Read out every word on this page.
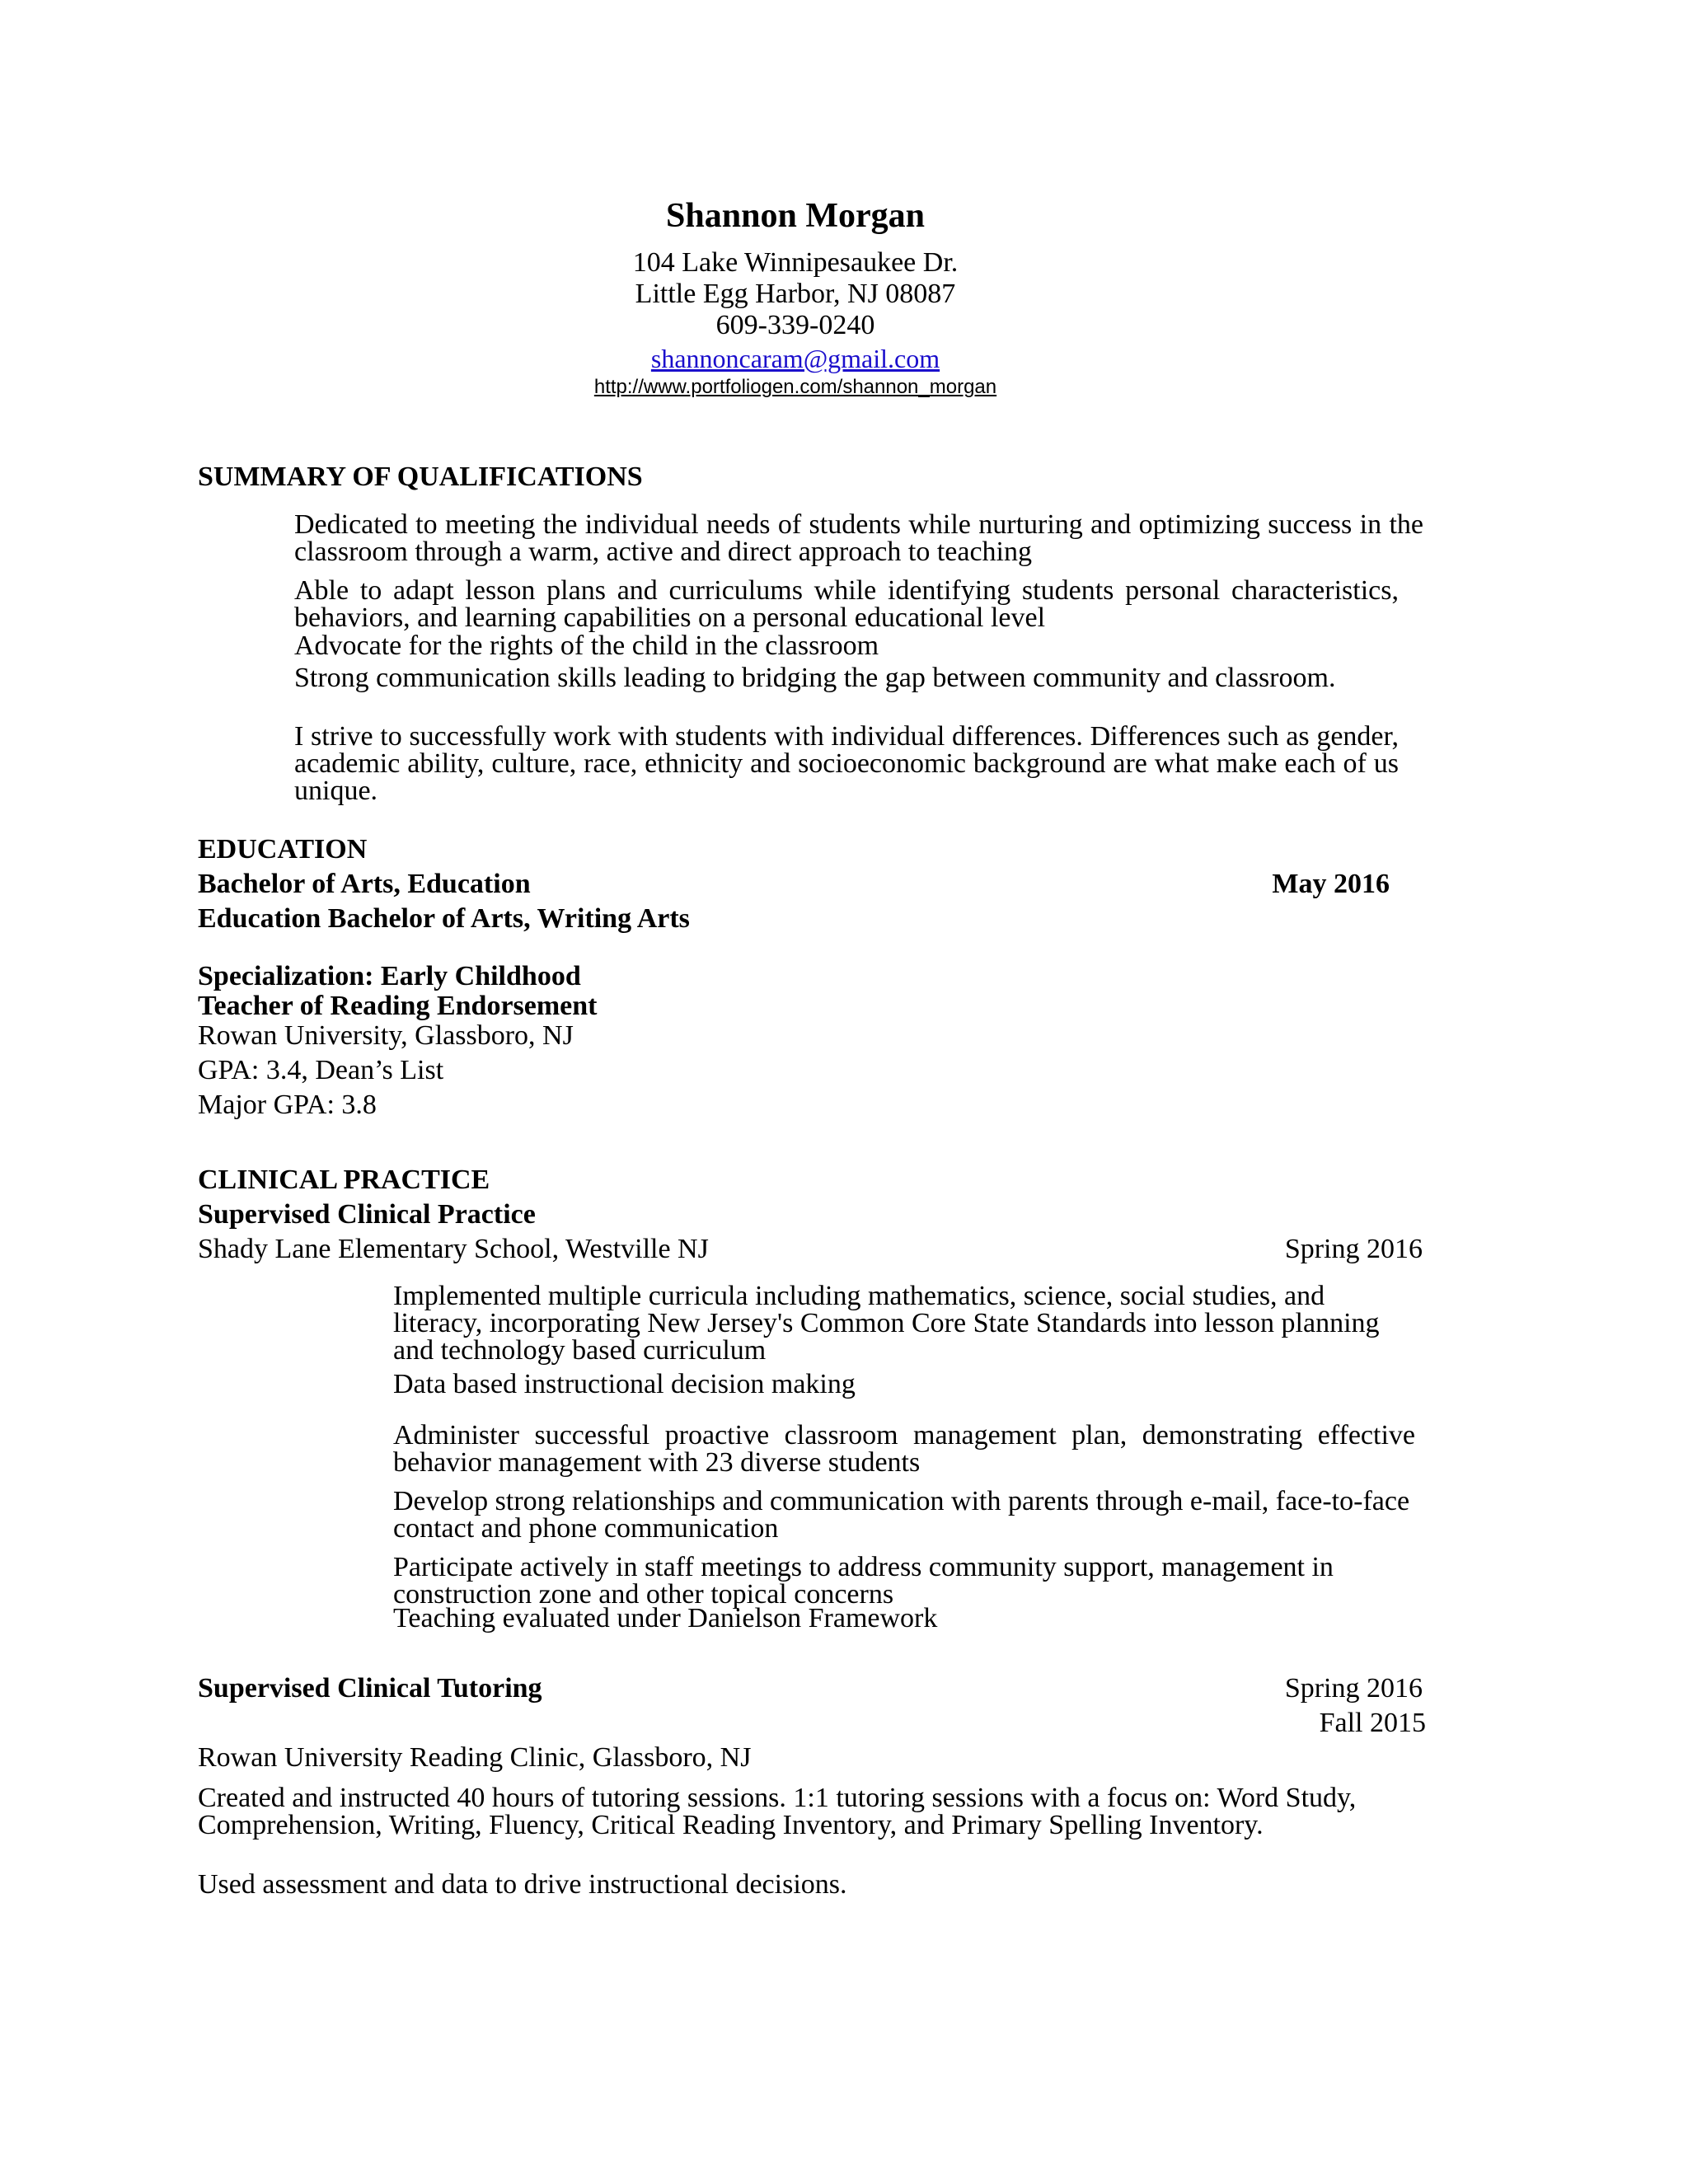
Shannon Morgan
104 Lake Winnipesaukee Dr.
Little Egg Harbor, NJ 08087
609-339-0240
shannoncaram@gmail.com
http://www.portfoliogen.com/shannon_morgan
SUMMARY OF QUALIFICATIONS
Dedicated to meeting the individual needs of students while nurturing and optimizing success in the classroom through a warm, active and direct approach to teaching
Able to adapt lesson plans and curriculums while identifying students personal characteristics, behaviors, and learning capabilities on a personal educational level
Advocate for the rights of the child in the classroom
Strong communication skills leading to bridging the gap between community and classroom.
I strive to successfully work with students with individual differences. Differences such as gender, academic ability, culture, race, ethnicity and socioeconomic background are what make each of us unique.
EDUCATION
Bachelor of Arts, Education	May 2016
Education Bachelor of Arts, Writing Arts
Specialization: Early Childhood
Teacher of Reading Endorsement
Rowan University, Glassboro, NJ
GPA: 3.4, Dean’s List
Major GPA: 3.8
CLINICAL PRACTICE
Supervised Clinical Practice
Shady Lane Elementary School, Westville NJ	Spring 2016
Implemented multiple curricula including mathematics, science, social studies, and literacy, incorporating New Jersey's Common Core State Standards into lesson planning and technology based curriculum
Data based instructional decision making
Administer successful proactive classroom management plan, demonstrating effective behavior management with 23 diverse students
Develop strong relationships and communication with parents through e-mail, face-to-face contact and phone communication
Participate actively in staff meetings to address community support, management in construction zone and other topical concerns
Teaching evaluated under Danielson Framework
Supervised Clinical Tutoring	Spring 2016
Fall 2015
Rowan University Reading Clinic, Glassboro, NJ
Created and instructed 40 hours of tutoring sessions. 1:1 tutoring sessions with a focus on: Word Study, Comprehension, Writing, Fluency, Critical Reading Inventory, and Primary Spelling Inventory.
Used assessment and data to drive instructional decisions.
